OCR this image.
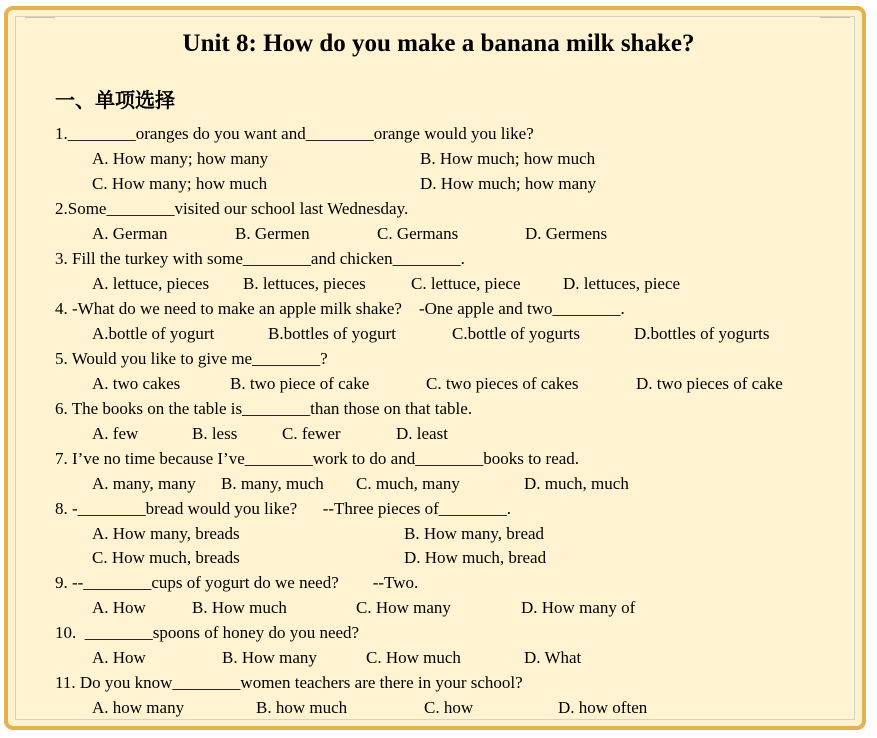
Unit 8: How do you make a banana milk shake?
一、单项选择
1.________oranges do you want and________orange would you like?
A. How many; how many	B. How much; how much
C. How many; how much	D. How much; how many
2.Some________visited our school last Wednesday.
A. German	B. Germen	C. Germans	D. Germens
3. Fill the turkey with some________and chicken________.
A. lettuce, pieces B. lettuces, pieces	C. lettuce, piece D. lettuces, piece
4. -What do we need to make an apple milk shake?    -One apple and two________.
A.bottle of yogurt	B.bottles of yogurt	C.bottle of yogurts	D.bottles of yogurts
5. Would you like to give me________?
A. two cakes	B. two piece of cake	C. two pieces of cakes	D. two pieces of cake
6. The books on the table is________than those on that table.
A. few	B. less	C. fewer	D. least
7. I’ve no time because I’ve________work to do and________books to read.
A. many, many B. many, much C. much, many	D. much, much
8. -________bread would you like?      --Three pieces of________.
A. How many, breads	B. How many, bread
C. How much, breads	D. How much, bread
9. --________cups of yogurt do we need?        --Two.
A. How	B. How much	C. How many	D. How many of
10.  ________spoons of honey do you need?
A. How	B. How many	C. How much	D. What
11. Do you know________women teachers are there in your school?
A. how many	B. how much	C. how	D. how often
